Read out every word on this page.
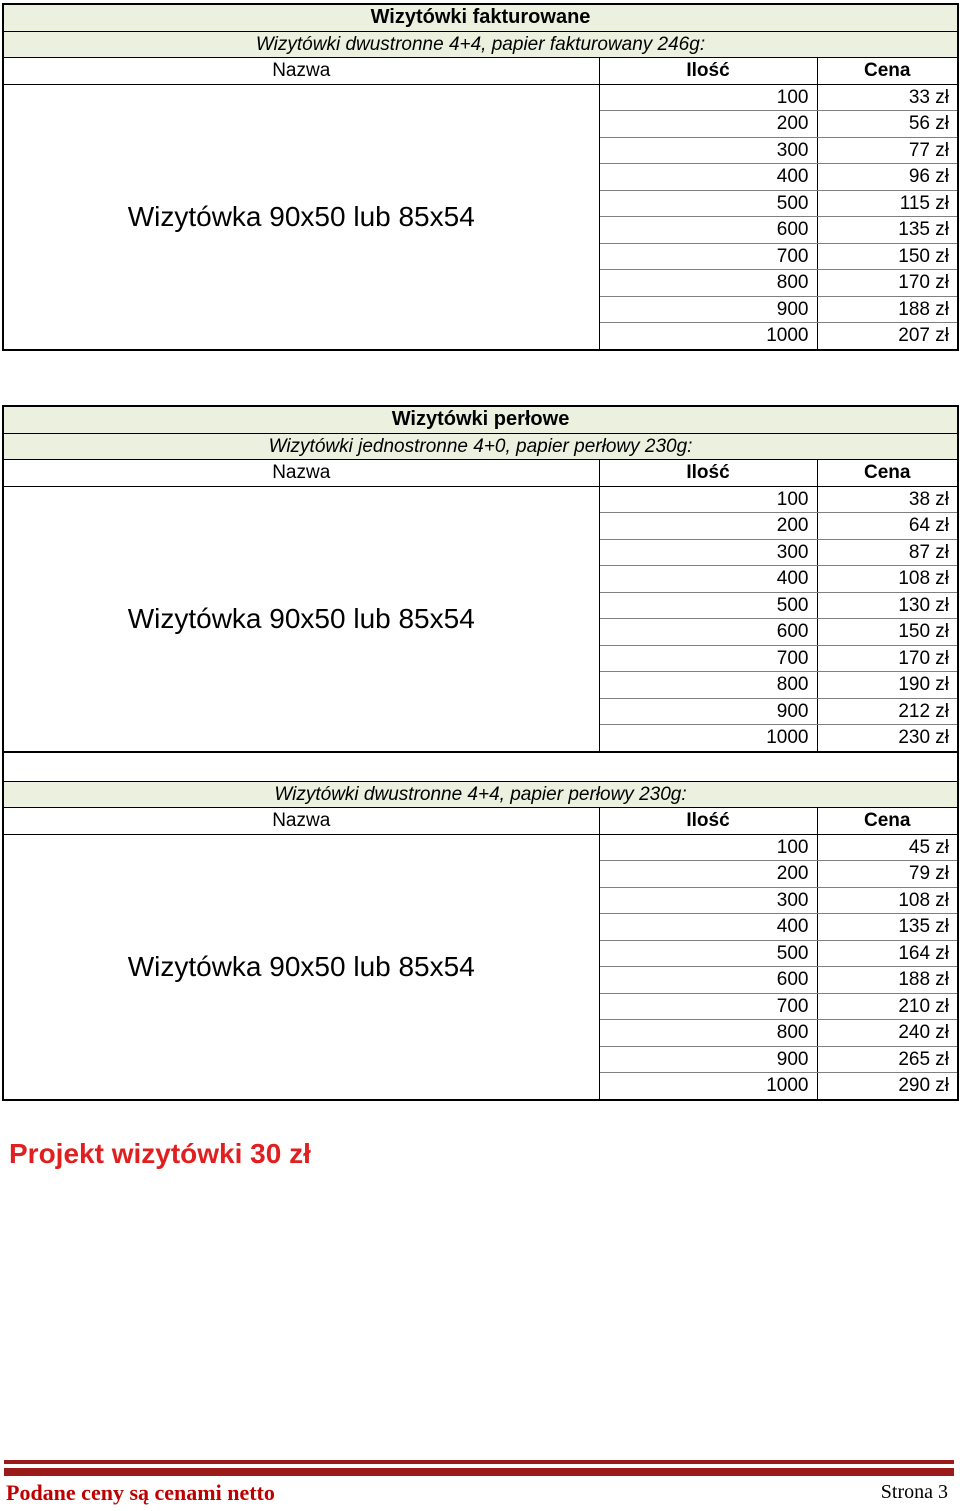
Wizytówki fakturowane		
Wizytówki dwustronne 4+4, papier fakturowany 246g:		
Nazwa	Ilość	Cena
Wizytówka 90x50 lub 85x54	100	33 zł
	200	56 zł
	300	77 zł
	400	96 zł
	500	115 zł
	600	135 zł
	700	150 zł
	800	170 zł
	900	188 zł
	1000	207 zł
Wizytówki perłowe		
Wizytówki jednostronne 4+0, papier perłowy 230g:		
Nazwa	Ilość	Cena
Wizytówka 90x50 lub 85x54	100	38 zł
	200	64 zł
	300	87 zł
	400	108 zł
	500	130 zł
	600	150 zł
	700	170 zł
	800	190 zł
	900	212 zł
	1000	230 zł

Wizytówki dwustronne 4+4, papier perłowy 230g:		
Nazwa	Ilość	Cena
Wizytówka 90x50 lub 85x54	100	45 zł
	200	79 zł
	300	108 zł
	400	135 zł
	500	164 zł
	600	188 zł
	700	210 zł
	800	240 zł
	900	265 zł
	1000	290 zł
Projekt wizytówki 30 zł
Podane ceny są cenami netto	Strona 3
